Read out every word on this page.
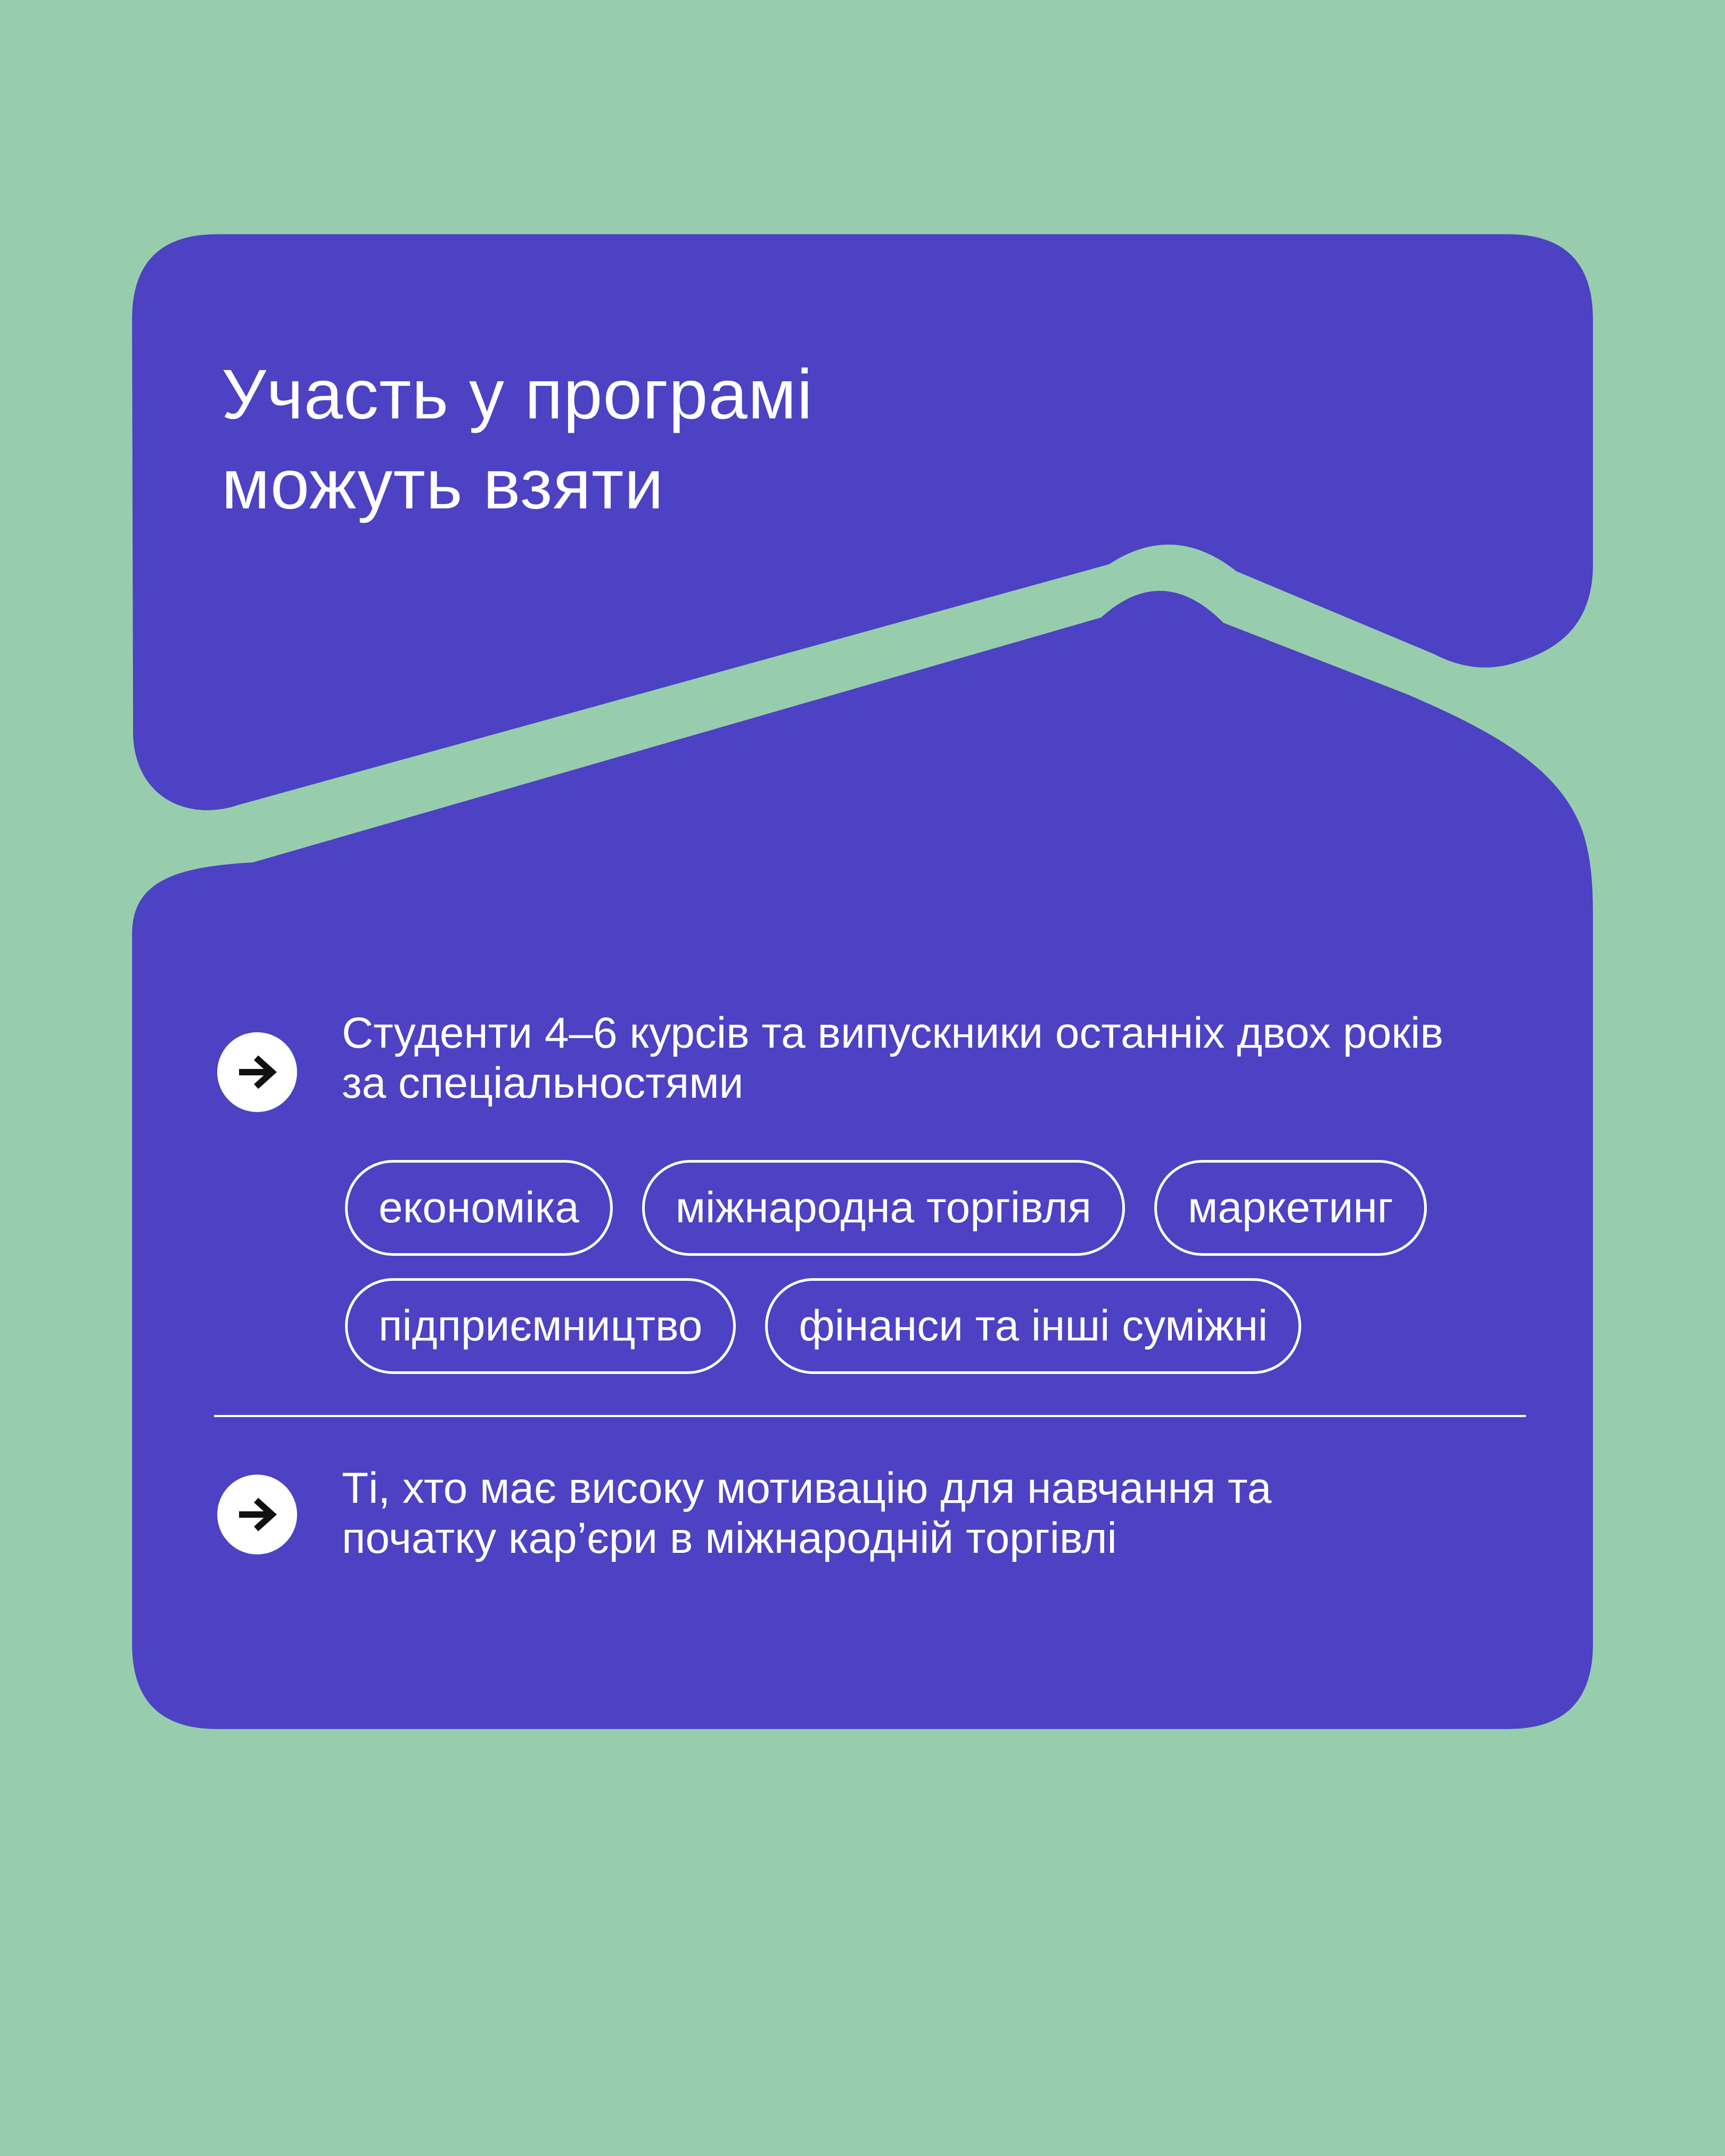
Участь у програмі
можуть взяти
Студенти 4–6 курсів та випускники останніх двох років
за спеціальностями
економіка	міжнародна торгівля	маркетинг
підприємництво	фінанси та інші суміжні
Ті, хто має високу мотивацію для навчання та
початку кар’єри в міжнародній торгівлі
